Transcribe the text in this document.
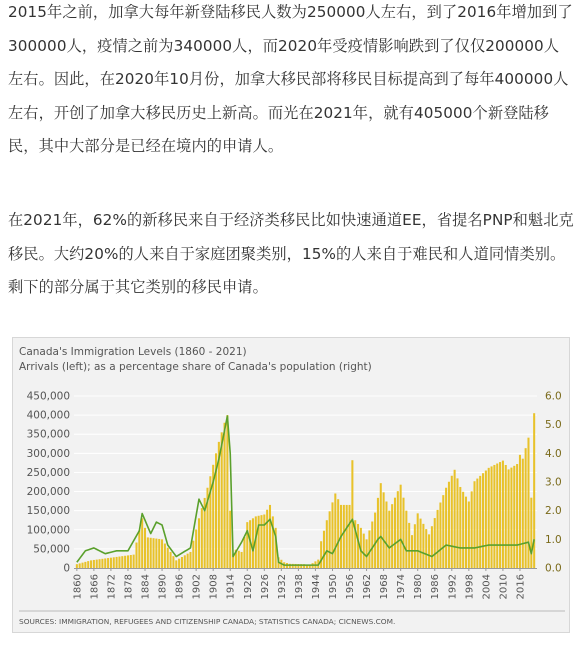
2015年之前，加拿大每年新登陆移民人数为250000人左右，到了2016年增加到了300000人，疫情之前为340000人，而2020年受疫情影响跌到了仅仅200000人左右。因此，在2020年10月份，加拿大移民部将移民目标提高到了每年400000人左右，开创了加拿大移民历史上新高。而光在2021年，就有405000个新登陆移民，其中大部分是已经在境内的申请人。

在2021年，62%的新移民来自于经济类移民比如快速通道EE，省提名PNP和魁北克移民。大约20%的人来自于家庭团聚类别，15%的人来自于难民和人道同情类别。剩下的部分属于其它类别的移民申请。

0
50,000
100,000
150,000
200,000
250,000
300,000
350,000
400,000
450,000
0.0
1.0
2.0
3.0
4.0
5.0
6.0
1860 1866 1872 1878 1884 1890 1896 1902 1908 1914 1920 1926 1932 1938 1944 1950 1956 1962 1968 1974 1980 1986 1992 1998 2004 2010 2016
Canada's Immigration Levels (1860 - 2021)
Arrivals (left); as a percentage share of Canada's population (right)
SOURCES: IMMIGRATION, REFUGEES AND CITIZENSHIP CANADA; STATISTICS CANADA; CICNEWS.COM.
